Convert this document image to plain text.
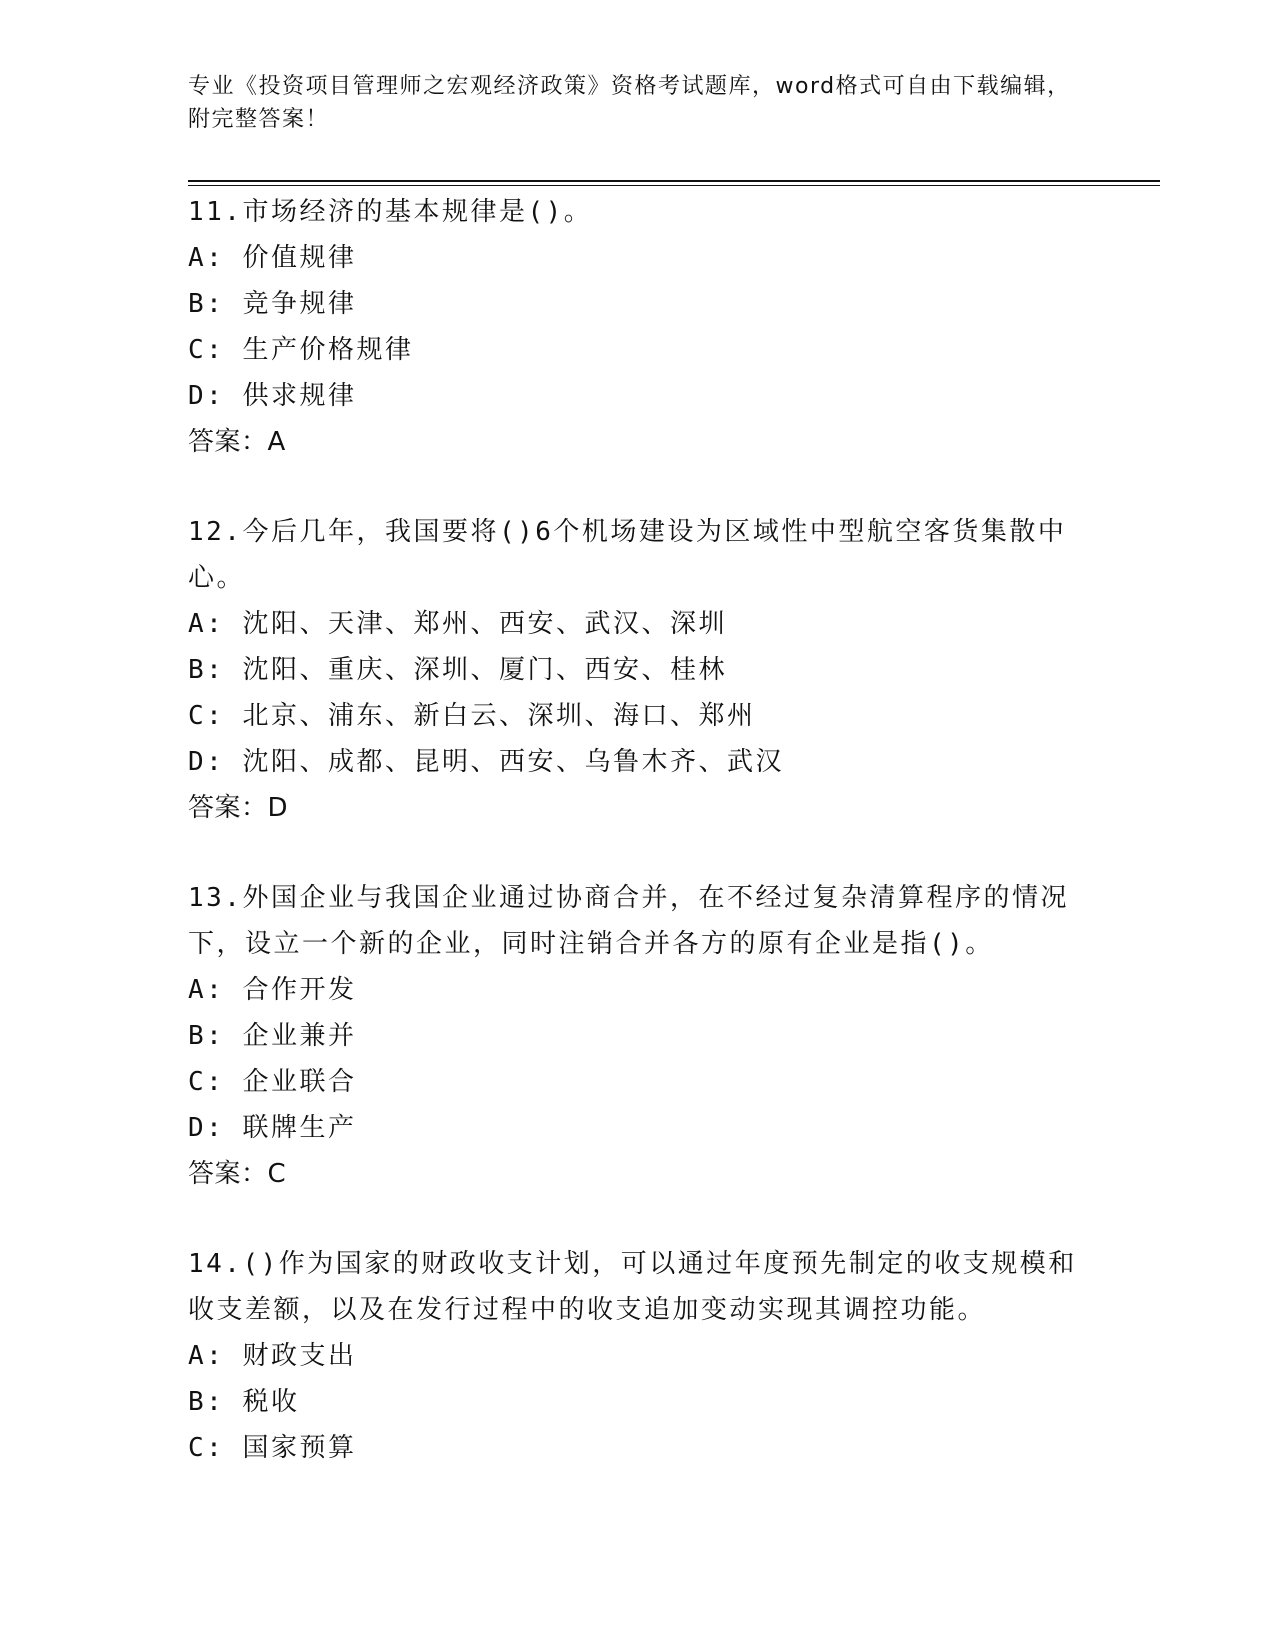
专业《投资项目管理师之宏观经济政策》资格考试题库，word格式可自由下载编辑，附完整答案！
11.市场经济的基本规律是()。
A: 价值规律
B: 竞争规律
C: 生产价格规律
D: 供求规律
答案：A
12.今后几年，我国要将()6个机场建设为区域性中型航空客货集散中心。
A: 沈阳、天津、郑州、西安、武汉、深圳
B: 沈阳、重庆、深圳、厦门、西安、桂林
C: 北京、浦东、新白云、深圳、海口、郑州
D: 沈阳、成都、昆明、西安、乌鲁木齐、武汉
答案：D
13.外国企业与我国企业通过协商合并，在不经过复杂清算程序的情况下，设立一个新的企业，同时注销合并各方的原有企业是指()。
A: 合作开发
B: 企业兼并
C: 企业联合
D: 联牌生产
答案：C
14.()作为国家的财政收支计划，可以通过年度预先制定的收支规模和收支差额，以及在发行过程中的收支追加变动实现其调控功能。
A: 财政支出
B: 税收
C: 国家预算
